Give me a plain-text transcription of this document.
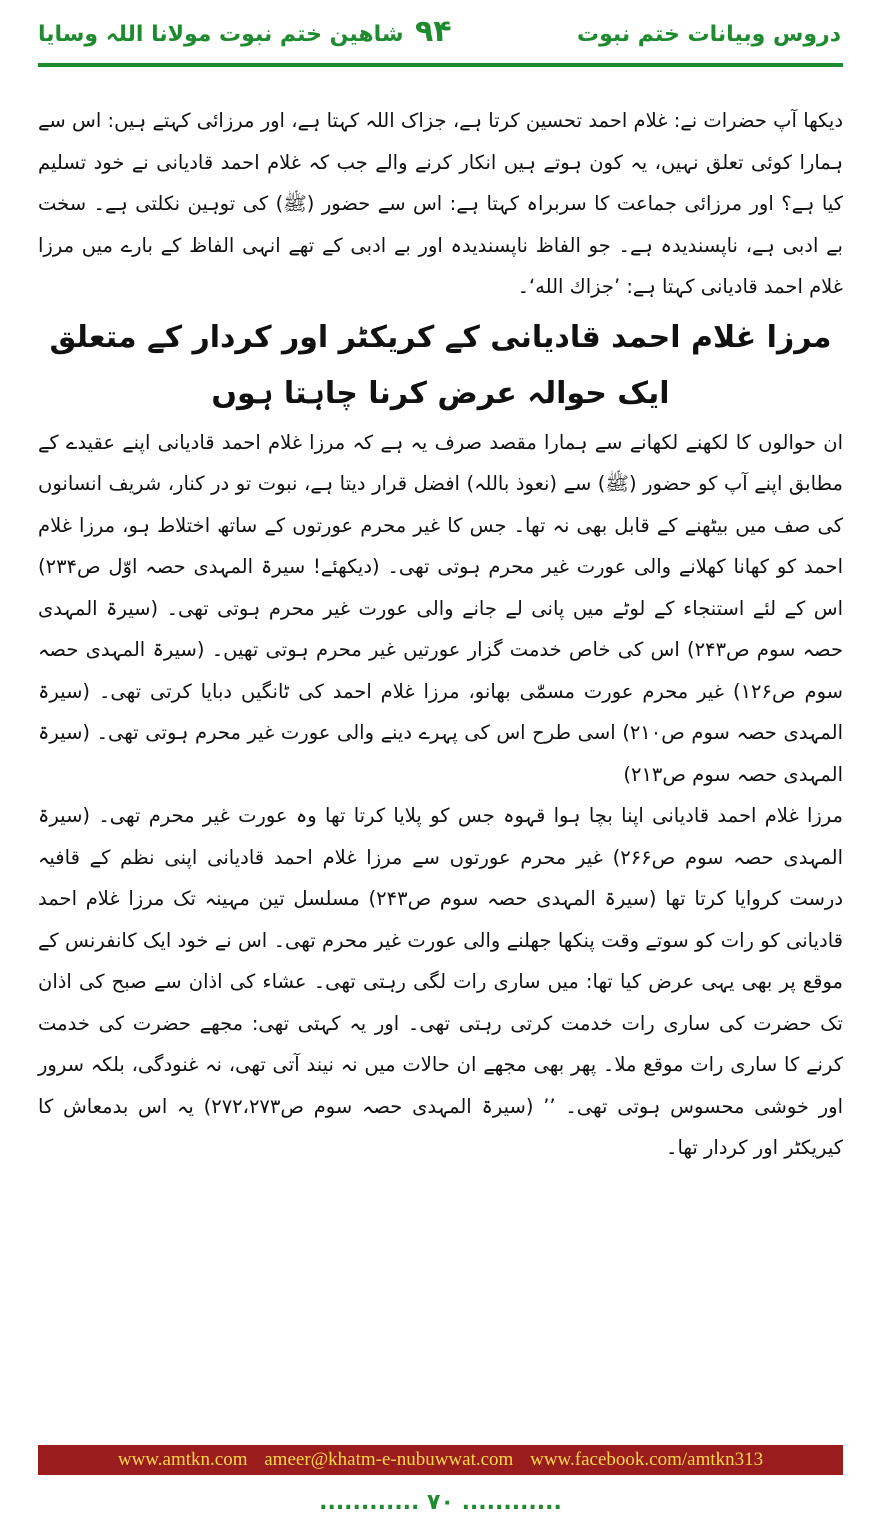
شاهین ختم نبوت مولانا اللہ وسایا ۹۴	دروس وبیانات ختم نبوت

دیکھا آپ حضرات نے: غلام احمد تحسین کرتا ہے، جزاک اللہ کہتا ہے، اور مرزائی کہتے ہیں: اس سے ہمارا کوئی تعلق نہیں، یہ کون ہوتے ہیں انکار کرنے والے جب کہ غلام احمد قادیانی نے خود تسلیم کیا ہے؟ اور مرزائی جماعت کا سربراہ کہتا ہے: اس سے حضور (ﷺ) کی توہین نکلتی ہے۔ سخت بے ادبی ہے، ناپسندیدہ ہے۔ جو الفاظ ناپسندیدہ اور بے ادبی کے تھے انہی الفاظ کے بارے میں مرزا غلام احمد قادیانی کہتا ہے: ’جزاك الله‘۔

مرزا غلام احمد قادیانی کے کریکٹر اور کردار کے متعلق ایک حوالہ عرض کرنا چاہتا ہوں

ان حوالوں کا لکھنے لکھانے سے ہمارا مقصد صرف یہ ہے کہ مرزا غلام احمد قادیانی اپنے عقیدے کے مطابق اپنے آپ کو حضور (ﷺ) سے (نعوذ باللہ) افضل قرار دیتا ہے، نبوت تو در کنار، شریف انسانوں کی صف میں بیٹھنے کے قابل بھی نہ تھا۔ جس کا غیر محرم عورتوں کے ساتھ اختلاط ہو، مرزا غلام احمد کو کھانا کھلانے والی عورت غیر محرم ہوتی تھی۔ (دیکھئے! سیرۃ المہدی حصہ اوّل ص۲۳۴) اس کے لئے استنجاء کے لوٹے میں پانی لے جانے والی عورت غیر محرم ہوتی تھی۔ (سیرۃ المہدی حصہ سوم ص۲۴۳) اس کی خاص خدمت گزار عورتیں غیر محرم ہوتی تھیں۔ (سیرۃ المہدی حصہ سوم ص۱۲۶) غیر محرم عورت مسمّٰی بھانو، مرزا غلام احمد کی ٹانگیں دبایا کرتی تھی۔ (سیرۃ المہدی حصہ سوم ص۲۱۰) اسی طرح اس کی پہرے دینے والی عورت غیر محرم ہوتی تھی۔ (سیرۃ المہدی حصہ سوم ص۲۱۳)

مرزا غلام احمد قادیانی اپنا بچا ہوا قہوہ جس کو پلایا کرتا تھا وہ عورت غیر محرم تھی۔ (سیرۃ المہدی حصہ سوم ص۲۶۶) غیر محرم عورتوں سے مرزا غلام احمد قادیانی اپنی نظم کے قافیہ درست کروایا کرتا تھا (سیرۃ المہدی حصہ سوم ص۲۴۳) مسلسل تین مہینہ تک مرزا غلام احمد قادیانی کو رات کو سوتے وقت پنکھا جھلنے والی عورت غیر محرم تھی۔ اس نے خود ایک کانفرنس کے موقع پر بھی یہی عرض کیا تھا: میں ساری رات لگی رہتی تھی۔ عشاء کی اذان سے صبح کی اذان تک حضرت کی ساری رات خدمت کرتی رہتی تھی۔ اور یہ کہتی تھی: مجھے حضرت کی خدمت کرنے کا ساری رات موقع ملا۔ پھر بھی مجھے ان حالات میں نہ نیند آتی تھی، نہ غنودگی، بلکہ سرور اور خوشی محسوس ہوتی تھی۔ ’’ (سیرۃ المہدی حصہ سوم ص۲۷۲،۲۷۳) یہ اس بدمعاش کا کیریکٹر اور کردار تھا۔

www.amtkn.com ameer@khatm-e-nubuwwat.com www.facebook.com/amtkn313
............ ۷۰ ............
